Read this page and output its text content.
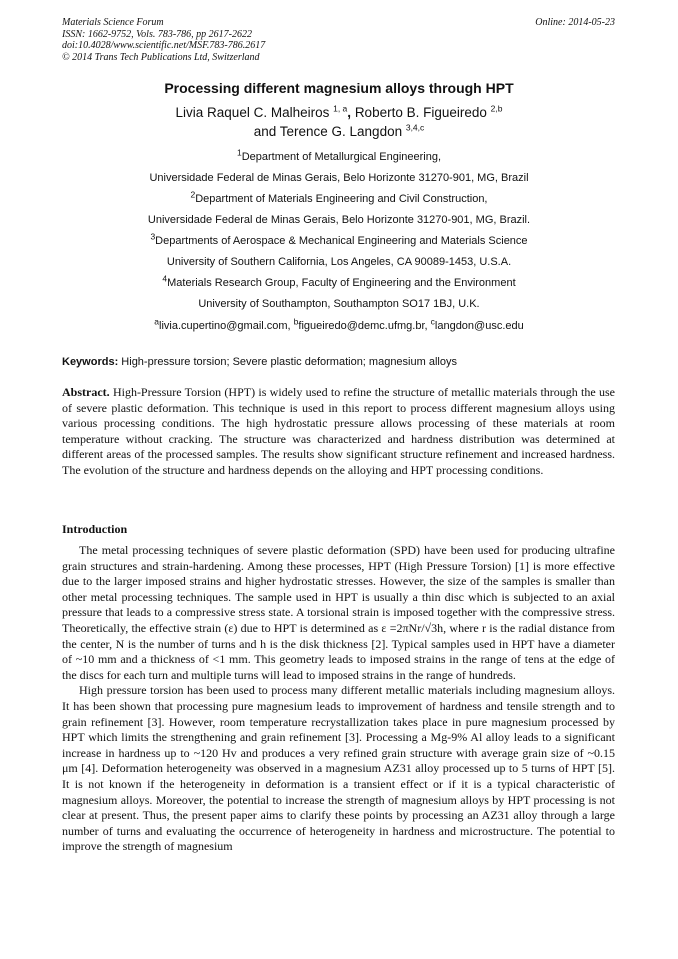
Materials Science Forum
ISSN: 1662-9752, Vols. 783-786, pp 2617-2622
doi:10.4028/www.scientific.net/MSF.783-786.2617
© 2014 Trans Tech Publications Ltd, Switzerland
Online: 2014-05-23
Processing different magnesium alloys through HPT
Livia Raquel C. Malheiros $^{1, a}$, Roberto B. Figueiredo $^{2,b}$
and Terence G. Langdon $^{3,4,c}$
$^1$Department of Metallurgical Engineering,
Universidade Federal de Minas Gerais, Belo Horizonte 31270-901, MG, Brazil
$^2$Department of Materials Engineering and Civil Construction,
Universidade Federal de Minas Gerais, Belo Horizonte 31270-901, MG, Brazil.
$^3$Departments of Aerospace & Mechanical Engineering and Materials Science
University of Southern California, Los Angeles, CA 90089-1453, U.S.A.
$^4$Materials Research Group, Faculty of Engineering and the Environment
University of Southampton, Southampton SO17 1BJ, U.K.
$^a$livia.cupertino@gmail.com, $^b$figueiredo@demc.ufmg.br, $^c$langdon@usc.edu
Keywords: High-pressure torsion; Severe plastic deformation; magnesium alloys
Abstract. High-Pressure Torsion (HPT) is widely used to refine the structure of metallic materials through the use of severe plastic deformation. This technique is used in this report to process different magnesium alloys using various processing conditions. The high hydrostatic pressure allows processing of these materials at room temperature without cracking. The structure was characterized and hardness distribution was determined at different areas of the processed samples. The results show significant structure refinement and increased hardness. The evolution of the structure and hardness depends on the alloying and HPT processing conditions.
Introduction

The metal processing techniques of severe plastic deformation (SPD) have been used for producing ultrafine grain structures and strain-hardening. Among these processes, HPT (High Pressure Torsion) [1] is more effective due to the larger imposed strains and higher hydrostatic stresses. However, the size of the samples is smaller than other metal processing techniques. The sample used in HPT is usually a thin disc which is subjected to an axial pressure that leads to a compressive stress state. A torsional strain is imposed together with the compressive stress. Theoretically, the effective strain (ε) due to HPT is determined as ε =2πNr/√3h, where r is the radial distance from the center, N is the number of turns and h is the disk thickness [2]. Typical samples used in HPT have a diameter of ~10 mm and a thickness of <1 mm. This geometry leads to imposed strains in the range of tens at the edge of the discs for each turn and multiple turns will lead to imposed strains in the range of hundreds.

High pressure torsion has been used to process many different metallic materials including magnesium alloys. It has been shown that processing pure magnesium leads to improvement of hardness and tensile strength and to grain refinement [3]. However, room temperature recrystallization takes place in pure magnesium processed by HPT which limits the strengthening and grain refinement [3]. Processing a Mg-9% Al alloy leads to a significant increase in hardness up to ~120 Hv and produces a very refined grain structure with average grain size of ~0.15 μm [4]. Deformation heterogeneity was observed in a magnesium AZ31 alloy processed up to 5 turns of HPT [5]. It is not known if the heterogeneity in deformation is a transient effect or if it is a typical characteristic of magnesium alloys. Moreover, the potential to increase the strength of magnesium alloys by HPT processing is not clear at present. Thus, the present paper aims to clarify these points by processing an AZ31 alloy through a large number of turns and evaluating the occurrence of heterogeneity in hardness and microstructure. The potential to improve the strength of magnesium
